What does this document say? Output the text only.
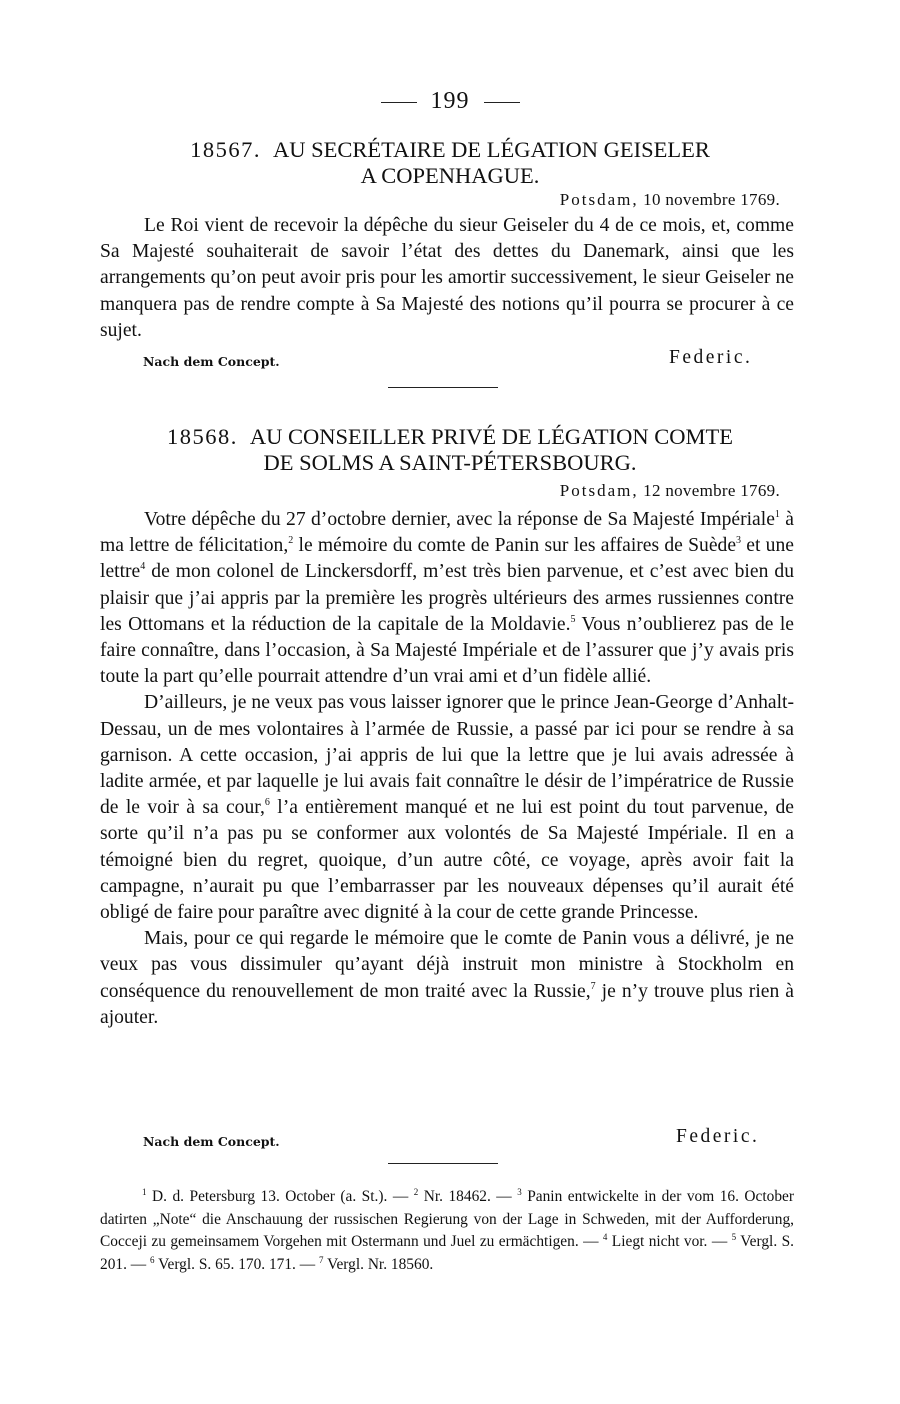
199
18567. AU SECRÉTAIRE DE LÉGATION GEISELER
A COPENHAGUE.
Potsdam, 10 novembre 1769.

Le Roi vient de recevoir la dépêche du sieur Geiseler du 4 de ce mois, et, comme Sa Majesté souhaiterait de savoir l’état des dettes du Danemark, ainsi que les arrangements qu’on peut avoir pris pour les amortir successivement, le sieur Geiseler ne manquera pas de rendre compte à Sa Majesté des notions qu’il pourra se procurer à ce sujet.

Nach dem Concept.	Federic.
18568. AU CONSEILLER PRIVÉ DE LÉGATION COMTE
DE SOLMS A SAINT-PÉTERSBOURG.
Potsdam, 12 novembre 1769.

Votre dépêche du 27 d’octobre dernier, avec la réponse de Sa Majesté Impériale$^1$ à ma lettre de félicitation,$^2$ le mémoire du comte de Panin sur les affaires de Suède$^3$ et une lettre$^4$ de mon colonel de Linckersdorff, m’est très bien parvenue, et c’est avec bien du plaisir que j’ai appris par la première les progrès ultérieurs des armes russiennes contre les Ottomans et la réduction de la capitale de la Moldavie.$^5$ Vous n’oublierez pas de le faire connaître, dans l’occasion, à Sa Majesté Impériale et de l’assurer que j’y avais pris toute la part qu’elle pourrait attendre d’un vrai ami et d’un fidèle allié.

D’ailleurs, je ne veux pas vous laisser ignorer que le prince Jean-George d’Anhalt-Dessau, un de mes volontaires à l’armée de Russie, a passé par ici pour se rendre à sa garnison. A cette occasion, j’ai appris de lui que la lettre que je lui avais adressée à ladite armée, et par laquelle je lui avais fait connaître le désir de l’impératrice de Russie de le voir à sa cour,$^6$ l’a entièrement manqué et ne lui est point du tout parvenue, de sorte qu’il n’a pas pu se conformer aux volontés de Sa Majesté Impériale. Il en a témoigné bien du regret, quoique, d’un autre côté, ce voyage, après avoir fait la campagne, n’aurait pu que l’embarrasser par les nouveaux dépenses qu’il aurait été obligé de faire pour paraître avec dignité à la cour de cette grande Princesse.

Mais, pour ce qui regarde le mémoire que le comte de Panin vous a délivré, je ne veux pas vous dissimuler qu’ayant déjà instruit mon ministre à Stockholm en conséquence du renouvellement de mon traité avec la Russie,$^7$ je n’y trouve plus rien à ajouter.

Nach dem Concept.	Federic.

$^1$ D. d. Petersburg 13. October (a. St.). — $^2$ Nr. 18462. — $^3$ Panin entwickelte in der vom 16. October datirten „Note“ die Anschauung der russischen Regierung von der Lage in Schweden, mit der Aufforderung, Cocceji zu gemeinsamem Vorgehen mit Ostermann und Juel zu ermächtigen. — $^4$ Liegt nicht vor. — $^5$ Vergl. S. 201. — $^6$ Vergl. S. 65. 170. 171. — $^7$ Vergl. Nr. 18560.
